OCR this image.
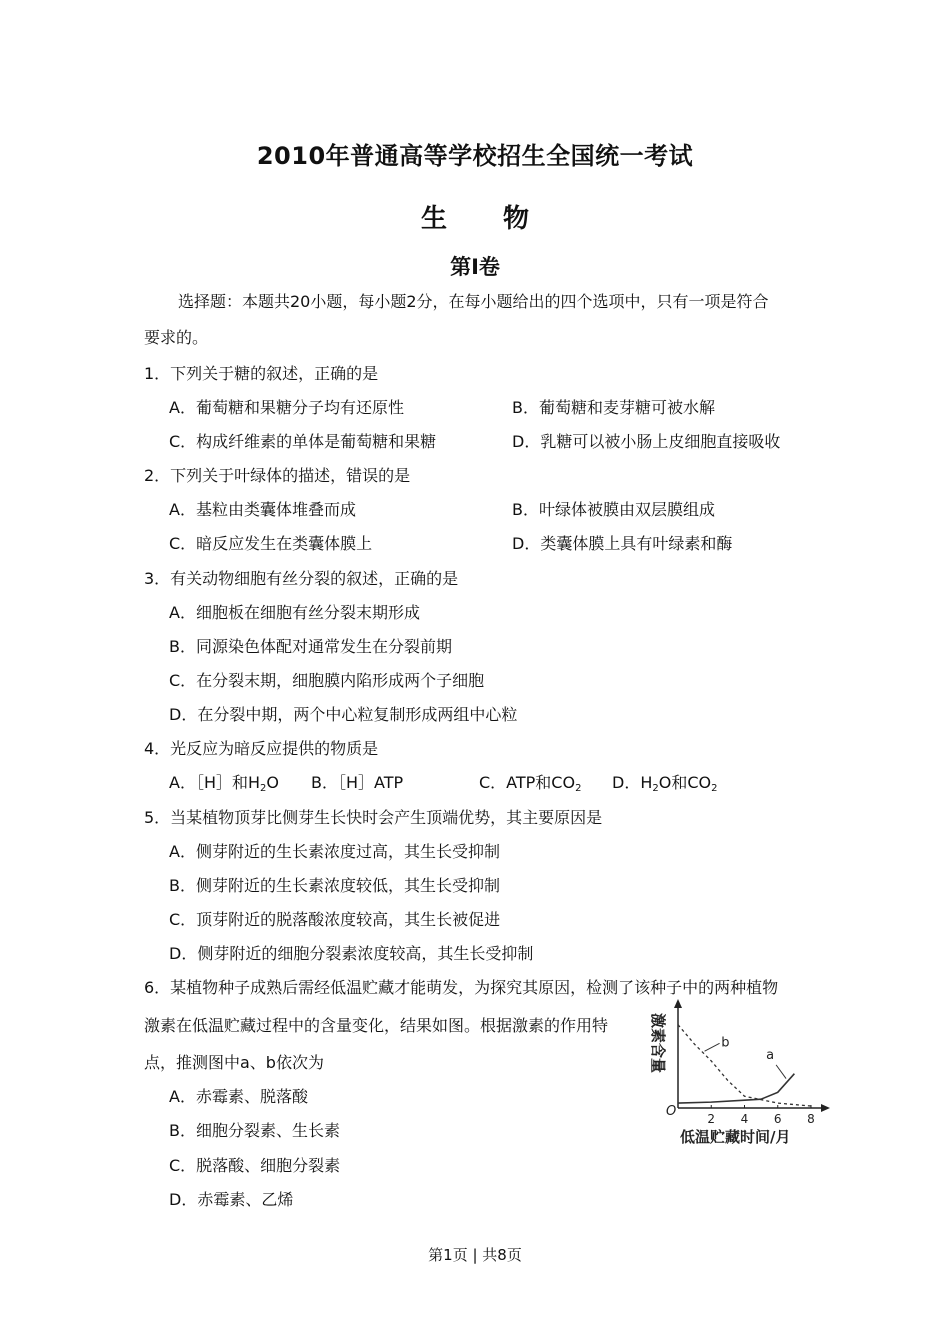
2010年普通高等学校招生全国统一考试
生 物
第I卷
选择题：本题共20小题，每小题2分，在每小题给出的四个选项中，只有一项是符合
要求的。
1．下列关于糖的叙述，正确的是
A．葡萄糖和果糖分子均有还原性	B．葡萄糖和麦芽糖可被水解
C．构成纤维素的单体是葡萄糖和果糖	D．乳糖可以被小肠上皮细胞直接吸收
2．下列关于叶绿体的描述，错误的是
A．基粒由类囊体堆叠而成	B．叶绿体被膜由双层膜组成
C．暗反应发生在类囊体膜上	D．类囊体膜上具有叶绿素和酶
3．有关动物细胞有丝分裂的叙述，正确的是
A．细胞板在细胞有丝分裂末期形成
B．同源染色体配对通常发生在分裂前期
C．在分裂末期，细胞膜内陷形成两个子细胞
D．在分裂中期，两个中心粒复制形成两组中心粒
4．光反应为暗反应提供的物质是
A．［H］和$H_2O$ B．［H］ATP	C．ATP和$CO_2$ D．$H_2O$和$CO_2$
5．当某植物顶芽比侧芽生长快时会产生顶端优势，其主要原因是
A．侧芽附近的生长素浓度过高，其生长受抑制
B．侧芽附近的生长素浓度较低，其生长受抑制
C．顶芽附近的脱落酸浓度较高，其生长被促进
D．侧芽附近的细胞分裂素浓度较高，其生长受抑制
6．某植物种子成熟后需经低温贮藏才能萌发，为探究其原因，检测了该种子中的两种植物
激素在低温贮藏过程中的含量变化，结果如图。根据激素的作用特
点，推测图中a、b依次为
A．赤霉素、脱落酸
B．细胞分裂素、生长素
C．脱落酸、细胞分裂素
D．赤霉素、乙烯
O
激素含量
低温贮藏时间/月
2 4 6 8
a
b
第1页 | 共8页
